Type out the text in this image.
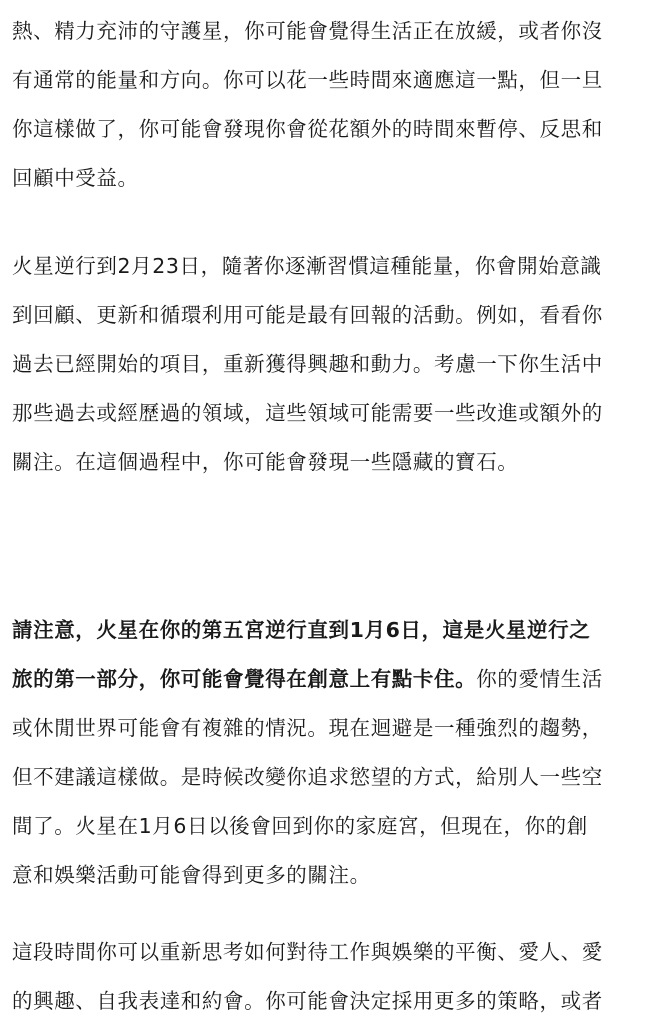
熱、精力充沛的守護星，你可能會覺得生活正在放緩，或者你沒
有通常的能量和方向。你可以花一些時間來適應這一點，但一旦
你這樣做了，你可能會發現你會從花額外的時間來暫停、反思和
回顧中受益。

火星逆行到2月23日，隨著你逐漸習慣這種能量，你會開始意識
到回顧、更新和循環利用可能是最有回報的活動。例如，看看你
過去已經開始的項目，重新獲得興趣和動力。考慮一下你生活中
那些過去或經歷過的領域，這些領域可能需要一些改進或額外的
關注。在這個過程中，你可能會發現一些隱藏的寶石。

請注意，火星在你的第五宮逆行直到1月6日，這是火星逆行之
旅的第一部分，你可能會覺得在創意上有點卡住。你的愛情生活
或休閒世界可能會有複雜的情況。現在迴避是一種強烈的趨勢，
但不建議這樣做。是時候改變你追求慾望的方式，給別人一些空
間了。火星在1月6日以後會回到你的家庭宮，但現在，你的創
意和娛樂活動可能會得到更多的關注。

這段時間你可以重新思考如何對待工作與娛樂的平衡、愛人、愛
的興趣、自我表達和約會。你可能會決定採用更多的策略，或者
